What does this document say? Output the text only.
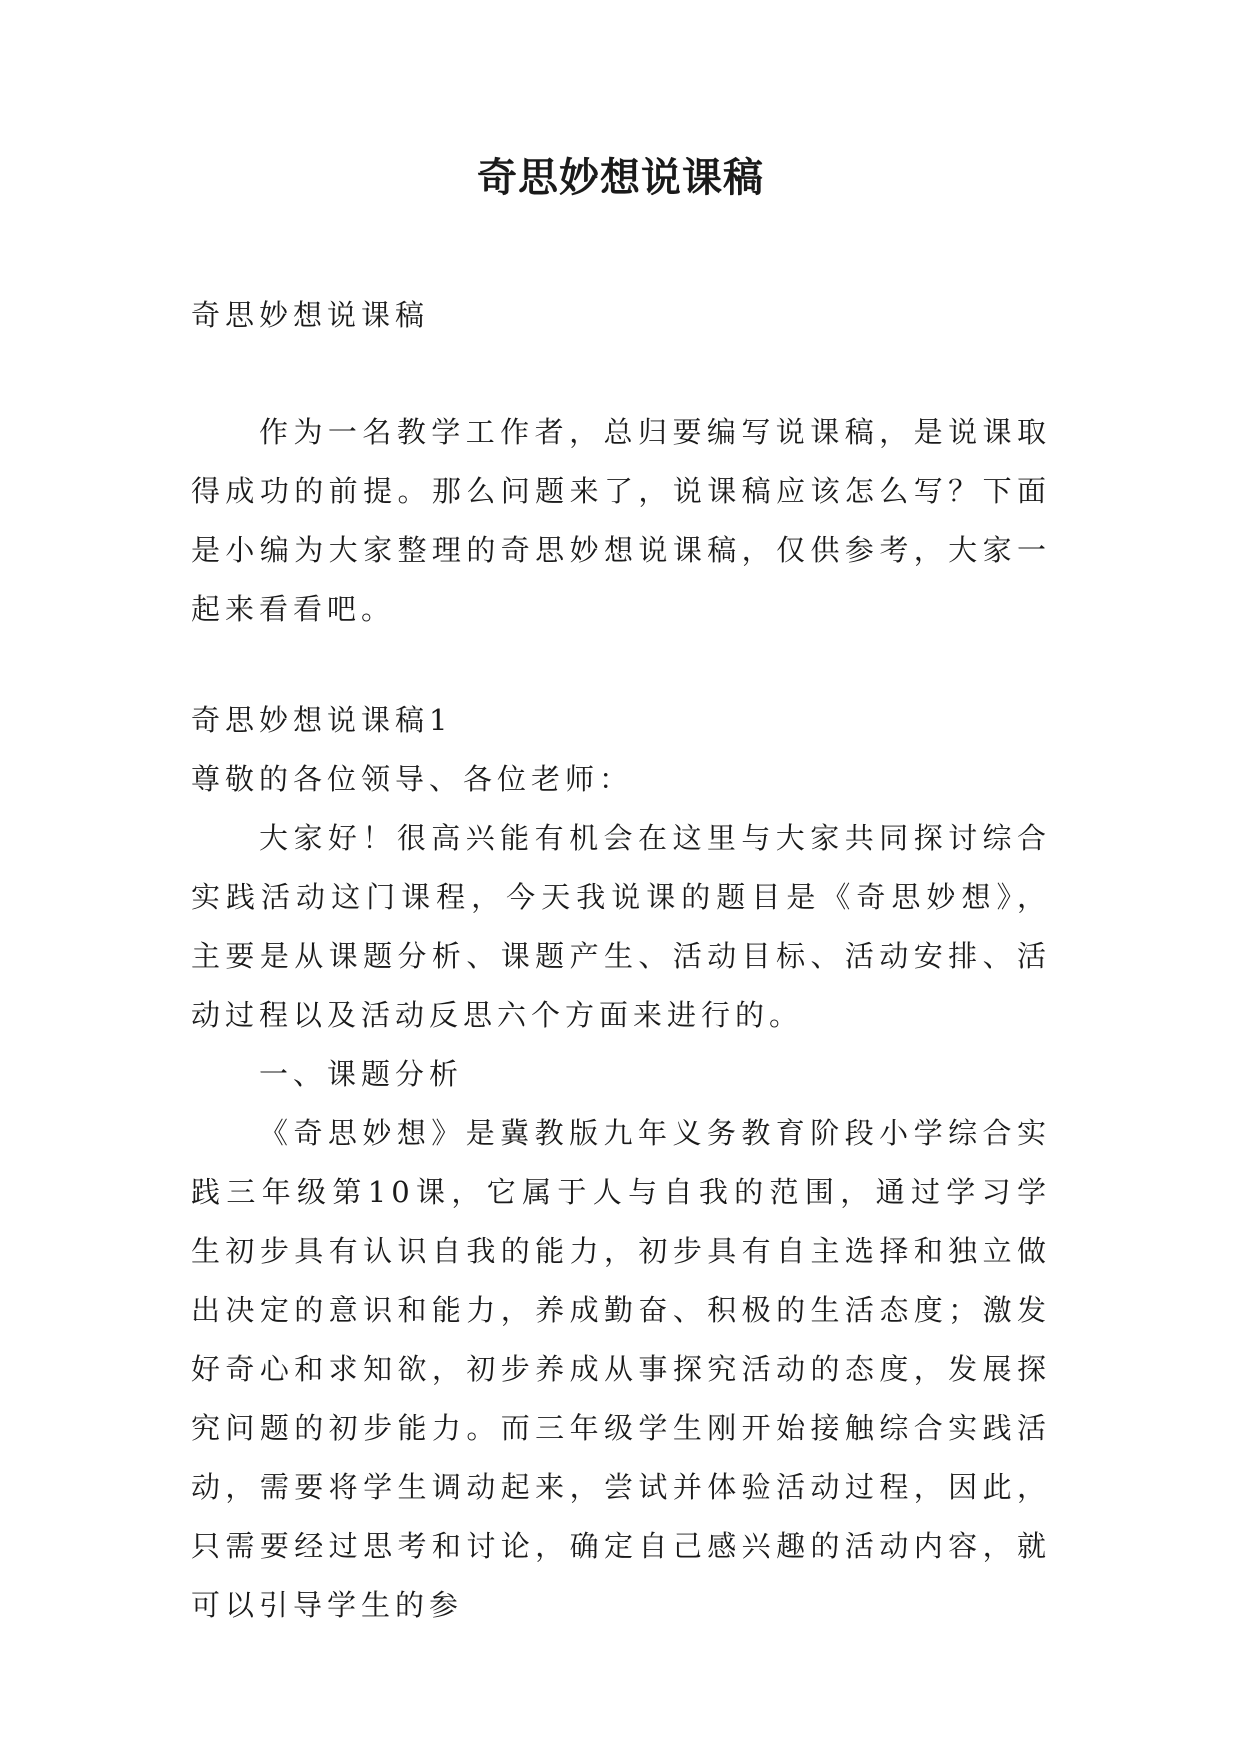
奇思妙想说课稿

奇思妙想说课稿

作为一名教学工作者，总归要编写说课稿，是说课取得成功的前提。那么问题来了，说课稿应该怎么写？下面是小编为大家整理的奇思妙想说课稿，仅供参考，大家一起来看看吧。

奇思妙想说课稿1

尊敬的各位领导、各位老师：

大家好！很高兴能有机会在这里与大家共同探讨综合实践活动这门课程，今天我说课的题目是《奇思妙想》，主要是从课题分析、课题产生、活动目标、活动安排、活动过程以及活动反思六个方面来进行的。

一、课题分析

《奇思妙想》是冀教版九年义务教育阶段小学综合实践三年级第10课，它属于人与自我的范围，通过学习学生初步具有认识自我的能力，初步具有自主选择和独立做出决定的意识和能力，养成勤奋、积极的生活态度；激发好奇心和求知欲，初步养成从事探究活动的态度，发展探究问题的初步能力。而三年级学生刚开始接触综合实践活动，需要将学生调动起来，尝试并体验活动过程，因此，只需要经过思考和讨论，确定自己感兴趣的活动内容，就可以引导学生的参
